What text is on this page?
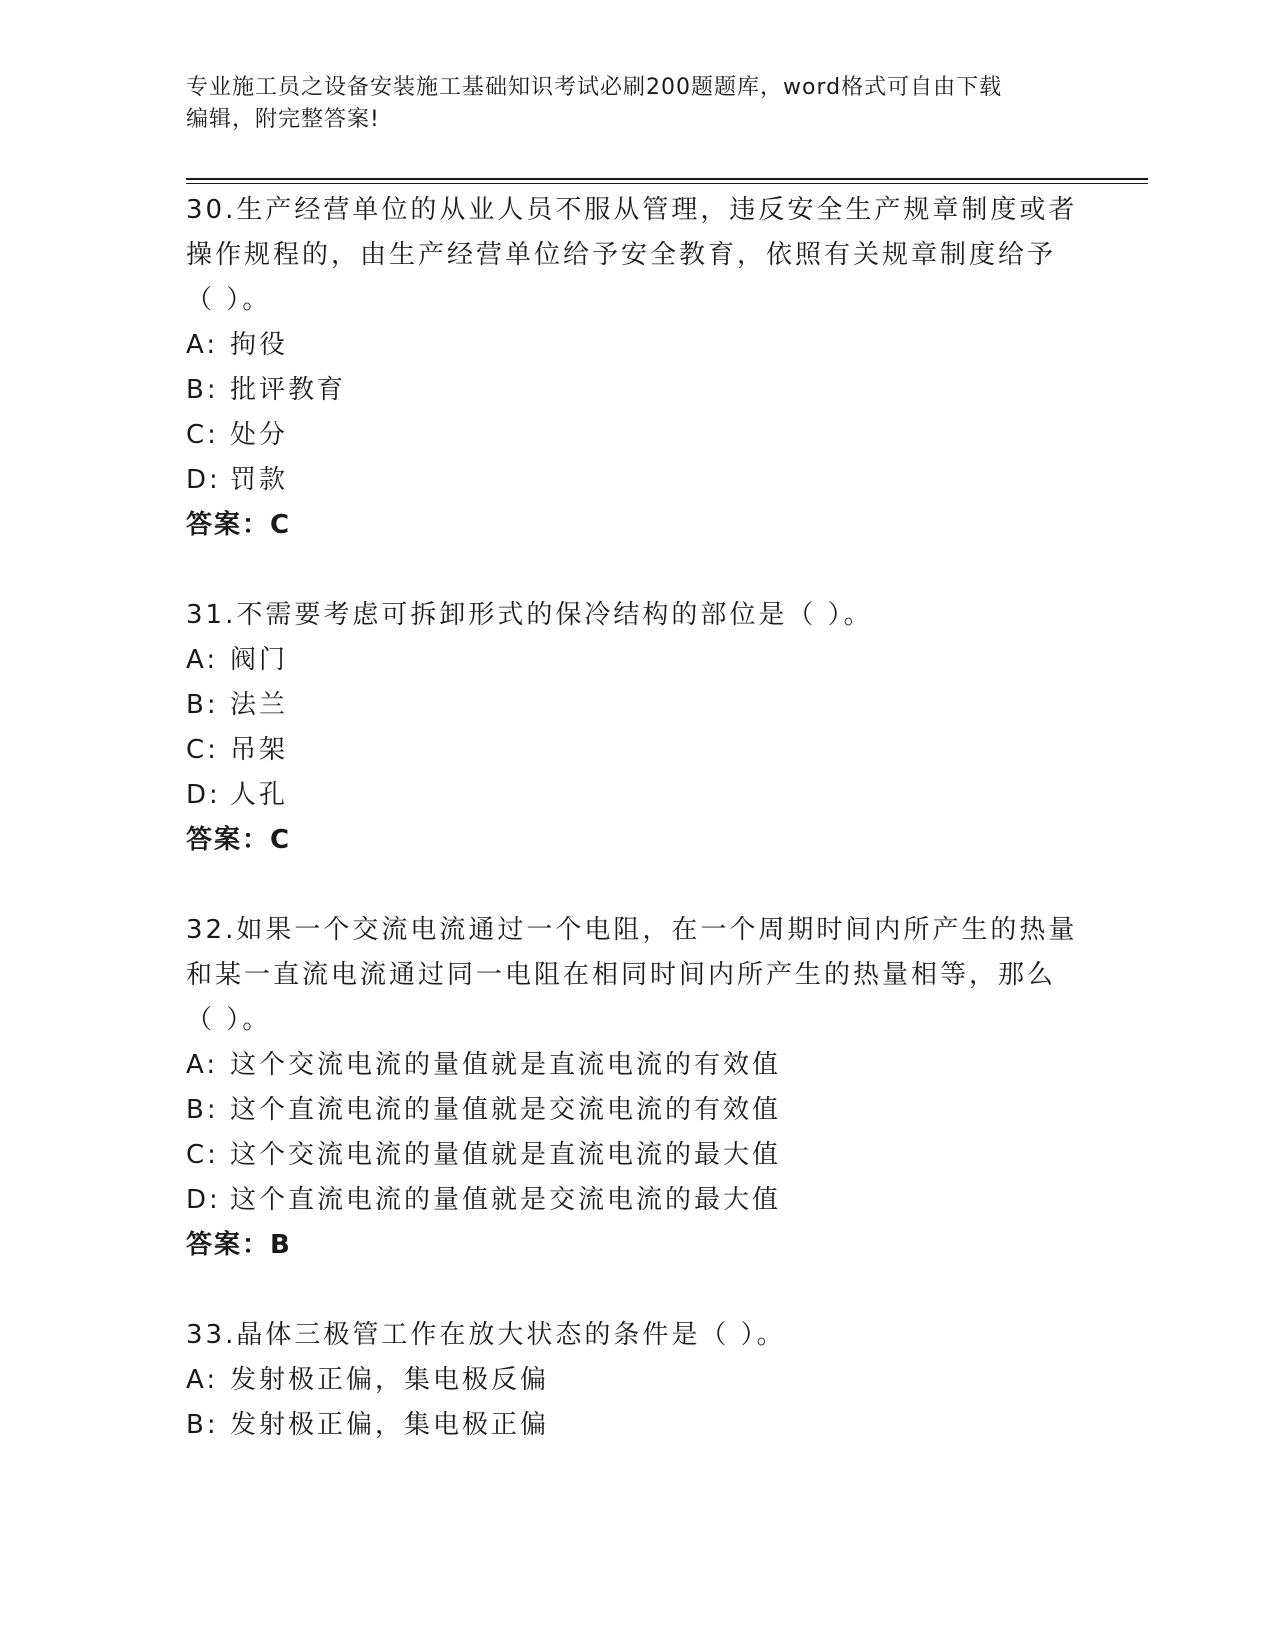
专业施工员之设备安装施工基础知识考试必刷200题题库，word格式可自由下载
编辑，附完整答案!
30.生产经营单位的从业人员不服从管理，违反安全生产规章制度或者
操作规程的，由生产经营单位给予安全教育，依照有关规章制度给予
（ ）。
A: 拘役
B: 批评教育
C: 处分
D: 罚款
答案：C
31.不需要考虑可拆卸形式的保冷结构的部位是（ ）。
A: 阀门
B: 法兰
C: 吊架
D: 人孔
答案：C
32.如果一个交流电流通过一个电阻，在一个周期时间内所产生的热量
和某一直流电流通过同一电阻在相同时间内所产生的热量相等，那么
（ ）。
A: 这个交流电流的量值就是直流电流的有效值
B: 这个直流电流的量值就是交流电流的有效值
C: 这个交流电流的量值就是直流电流的最大值
D: 这个直流电流的量值就是交流电流的最大值
答案：B
33.晶体三极管工作在放大状态的条件是（ ）。
A: 发射极正偏，集电极反偏
B: 发射极正偏，集电极正偏
